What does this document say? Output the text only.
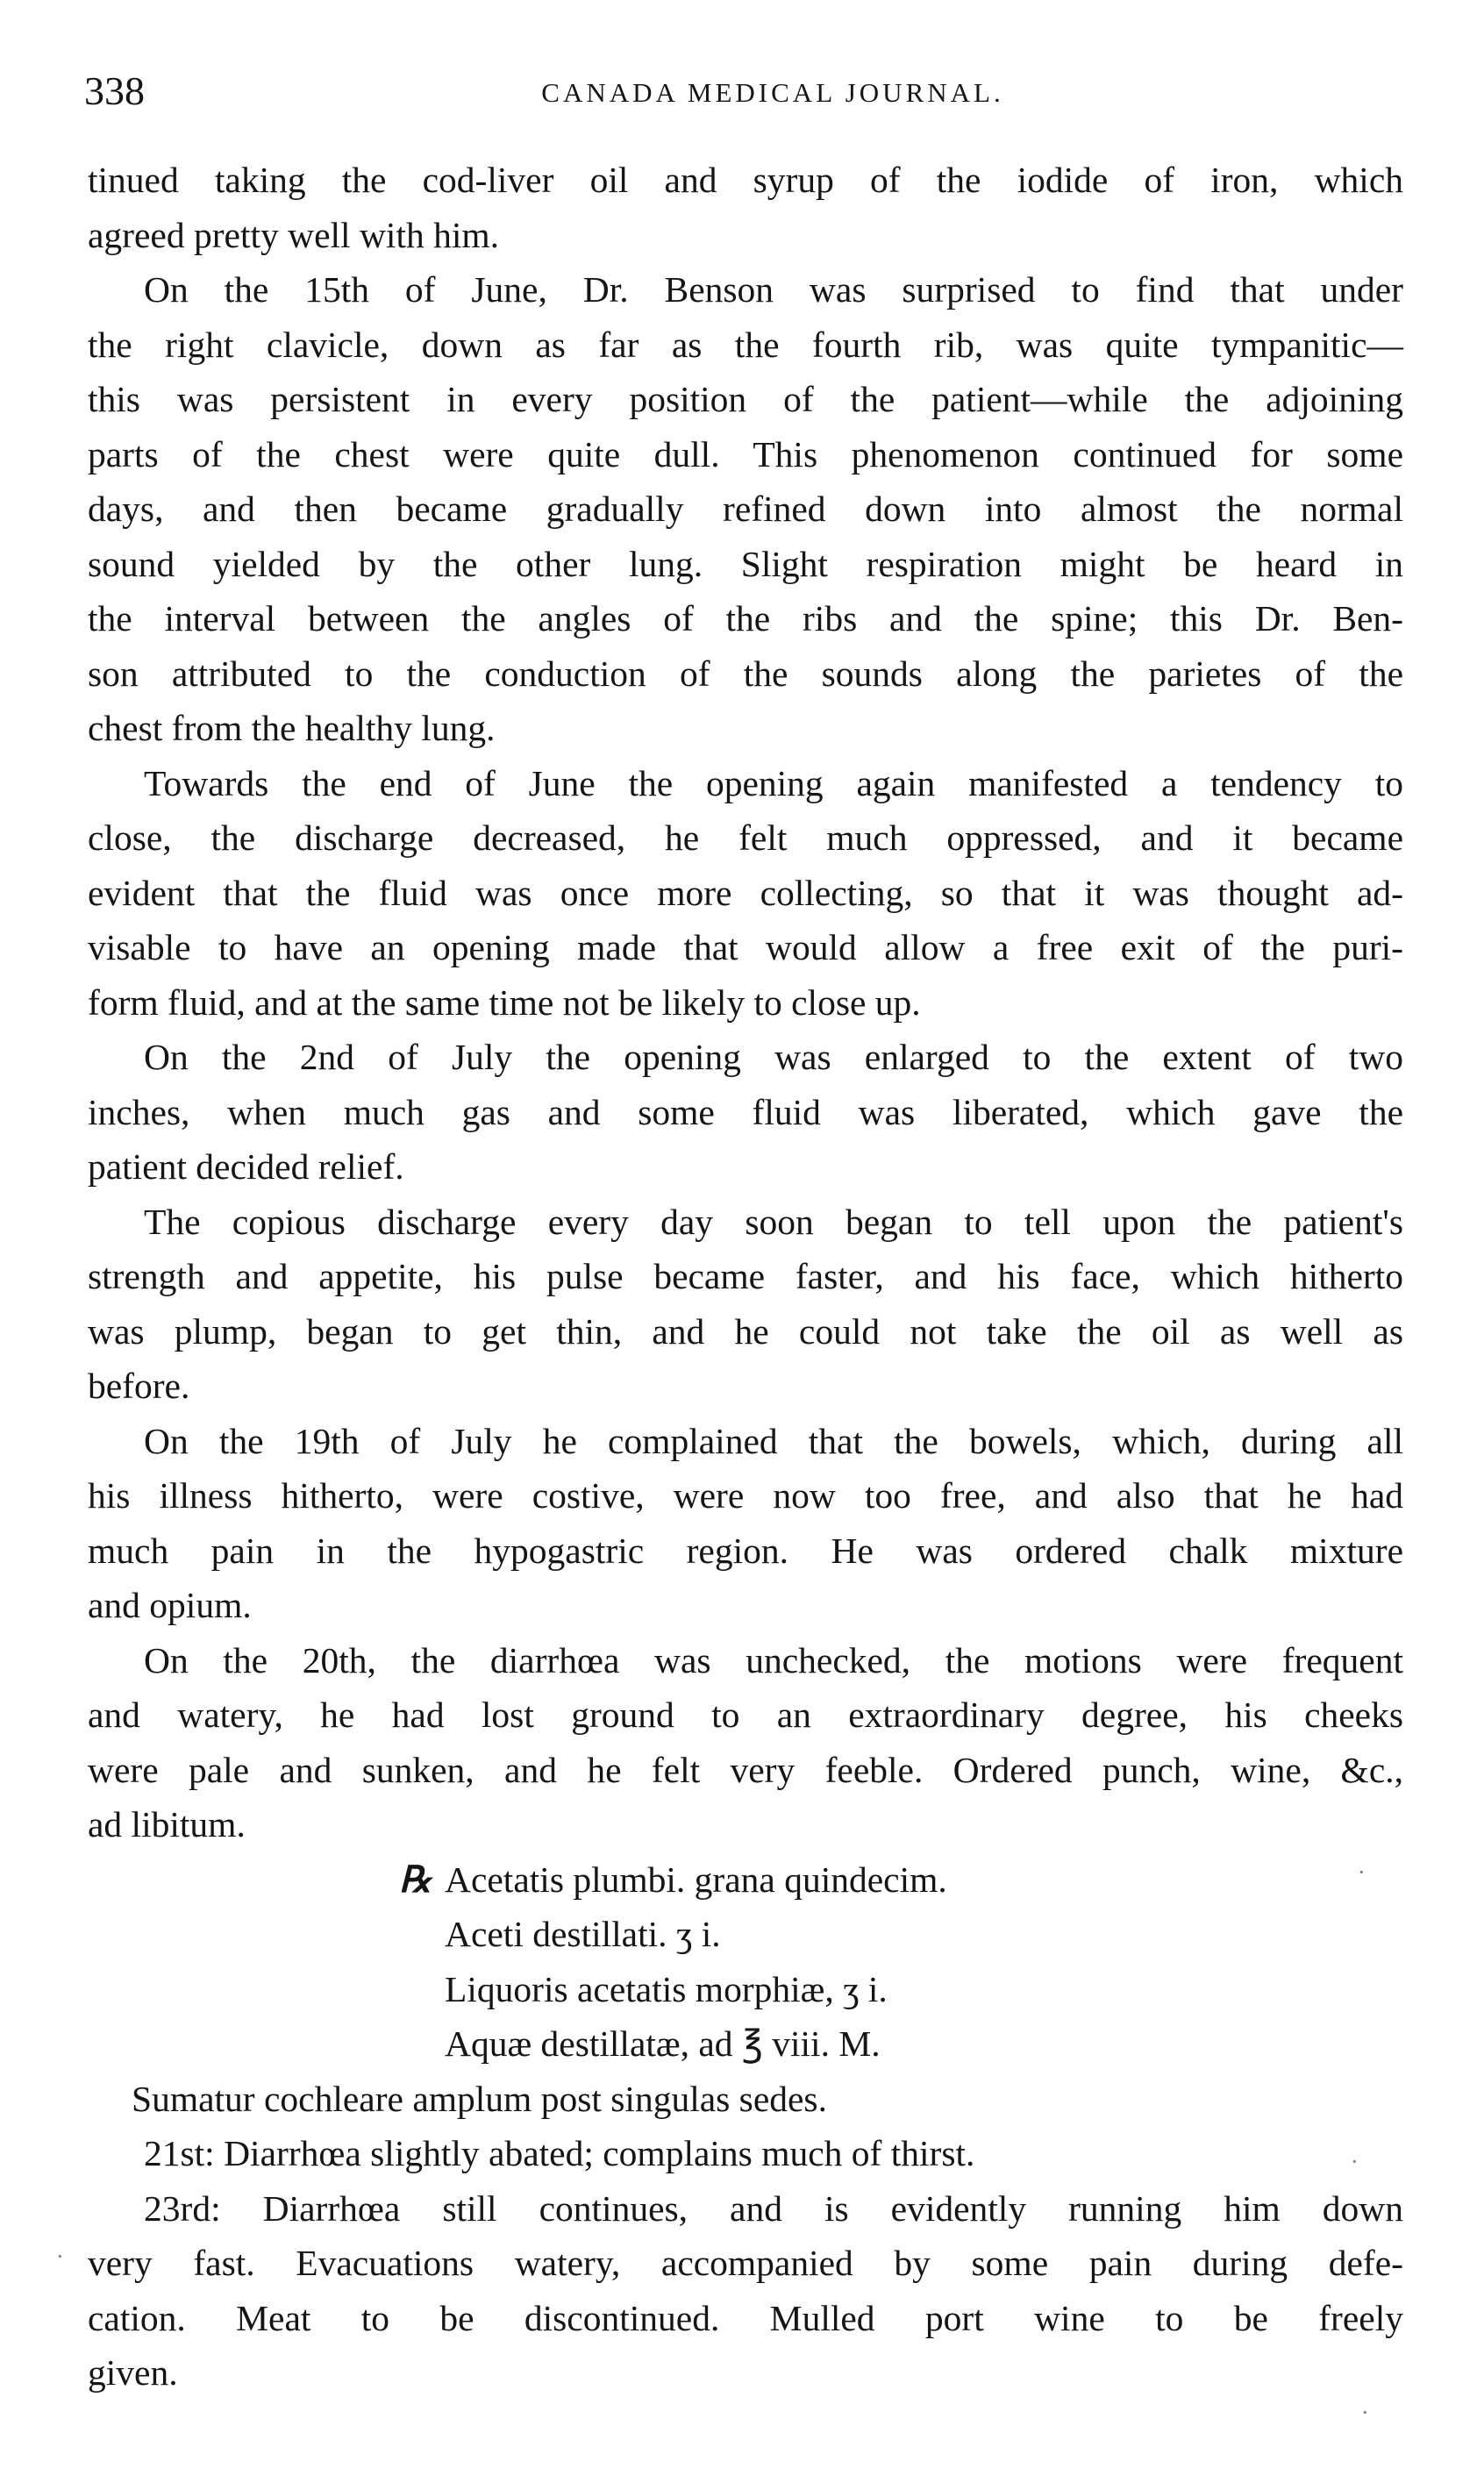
338	CANADA MEDICAL JOURNAL.
tinued taking the cod-liver oil and syrup of the iodide of iron, which
agreed pretty well with him.
On the 15th of June, Dr. Benson was surprised to find that under
the right clavicle, down as far as the fourth rib, was quite tympanitic—
this was persistent in every position of the patient—while the adjoining
parts of the chest were quite dull. This phenomenon continued for some
days, and then became gradually refined down into almost the normal
sound yielded by the other lung. Slight respiration might be heard in
the interval between the angles of the ribs and the spine; this Dr. Ben-
son attributed to the conduction of the sounds along the parietes of the
chest from the healthy lung.
Towards the end of June the opening again manifested a tendency to
close, the discharge decreased, he felt much oppressed, and it became
evident that the fluid was once more collecting, so that it was thought ad-
visable to have an opening made that would allow a free exit of the puri-
form fluid, and at the same time not be likely to close up.
On the 2nd of July the opening was enlarged to the extent of two
inches, when much gas and some fluid was liberated, which gave the
patient decided relief.
The copious discharge every day soon began to tell upon the patient's
strength and appetite, his pulse became faster, and his face, which hitherto
was plump, began to get thin, and he could not take the oil as well as
before.
On the 19th of July he complained that the bowels, which, during all
his illness hitherto, were costive, were now too free, and also that he had
much pain in the hypogastric region. He was ordered chalk mixture
and opium.
On the 20th, the diarrhœa was unchecked, the motions were frequent
and watery, he had lost ground to an extraordinary degree, his cheeks
were pale and sunken, and he felt very feeble. Ordered punch, wine, &c.,
ad libitum.
℞ Acetatis plumbi. grana quindecim.
Aceti destillati. ʒ i.
Liquoris acetatis morphiæ, ʒ i.
Aquæ destillatæ, ad ℥ viii. M.
Sumatur cochleare amplum post singulas sedes.
21st: Diarrhœa slightly abated; complains much of thirst.
23rd: Diarrhœa still continues, and is evidently running him down
very fast. Evacuations watery, accompanied by some pain during defe-
cation. Meat to be discontinued. Mulled port wine to be freely
given.
·
·
·
·
